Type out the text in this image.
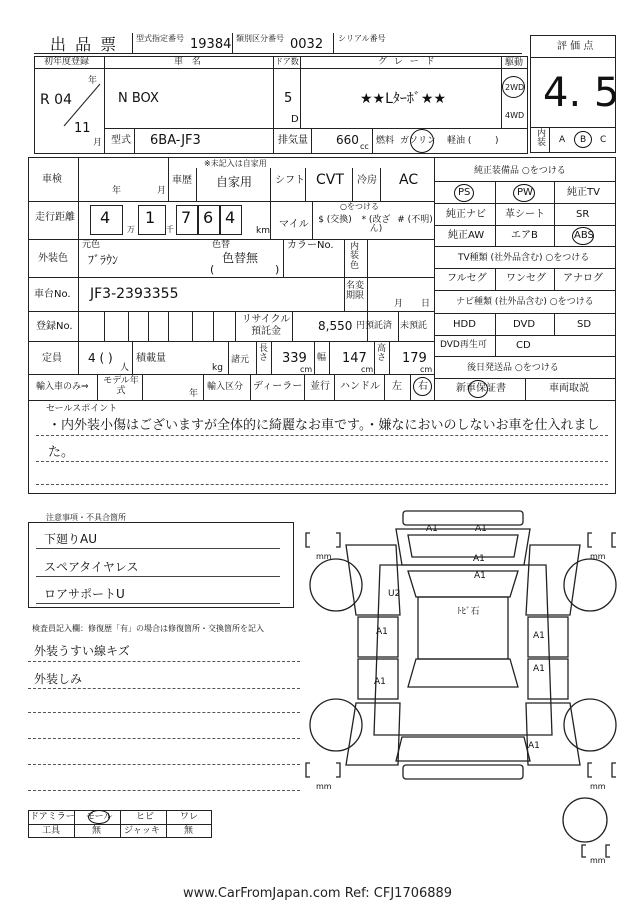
出 品 票 型式指定番号 19384 類別区分番号 0032 シリアル番号
評 価 点
4. 5
内装 A B C
初年度登録
年
R 04
11
月
車 名
N BOX
ドア数
5
D
グ レ ー ド
★★Lﾀｰﾎﾞ★★
駆動
2WD
4WD
型式 6BA-JF3	排気量 660 cc
燃料 ガソリン 軽油 (	)
車検
年	月
※未記入は自家用
車歴 自家用 シフト CVT 冷房 AC
走行距離 4
万
1
千
7 6 4
km
マイル
○をつける
$ (交換)	* (改ざん)
# (不明)
外装色
元色	色替
ﾌﾞﾗｳﾝ	色替無
(	)
カラーNo. 内装色
車台No. JF3-2393355	名変期限
月 日
登録No.
リサイクル預託金	8,550 円預託済 未預託
定員 4 ( )
人
積載量
kg
諸元
長さ 339
cm
幅 147
cm
高さ 179
cm
輸入車のみ⇒
モデル年式	年
輸入区分 ディーラー 並行 ハンドル 左 右
純正装備品 ○をつける
PS	PW	純正TV
純正ナビ 革シート	SR
純正AW	エアB	ABS
TV種類 (社外品含む) ○をつける
フルセグ ワンセグ アナログ
ナビ種類 (社外品含む) ○をつける
HDD	DVD	SD
DVD再生可	CD
後日発送品 ○をつける
新車保証書	車両取説
セールスポイント
・内外装小傷はございますが全体的に綺麗なお車です。・嫌なにおいのしないお車を仕入れまし
た。
注意事項・不具合箇所
下廻りAU
スペアタイヤレス
ロアサポートU
検査員記入欄：修復歴「有」の場合は修復箇所・交換箇所を記入
外装うすい線キズ
外装しみ
ドアミラー モール	ヒビ	ワレ
工具	無	ジャッキ	無
A1	A1
A1
U2
ﾄﾋﾞ石
A1
A1	A1
A1
A1
A1
mm	mm
mm	mm
mm
www.CarFromJapan.com Ref: CFJ1706889
